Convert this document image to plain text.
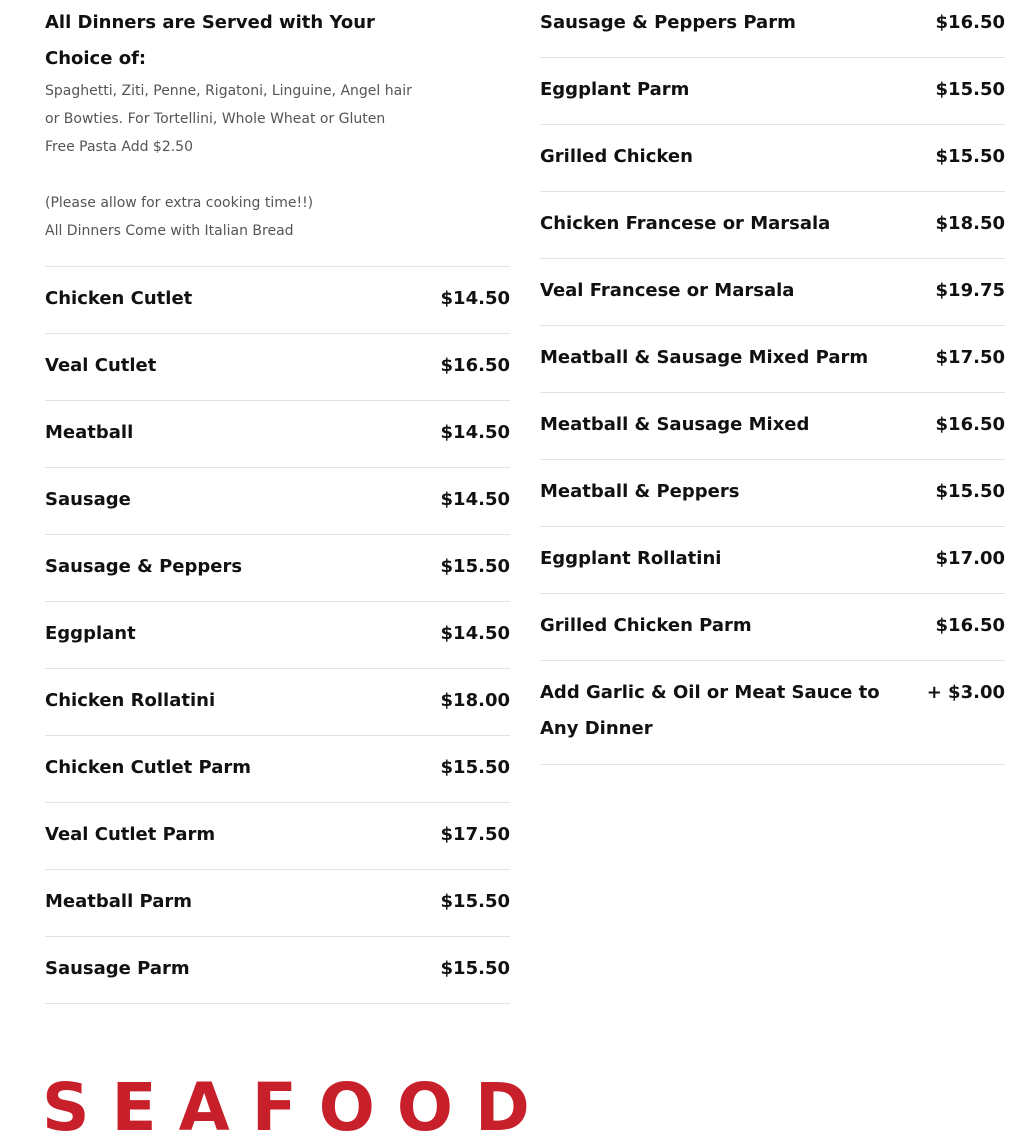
All Dinners are Served with Your Choice of:

Spaghetti, Ziti, Penne, Rigatoni, Linguine, Angel hair or Bowties. For Tortellini, Whole Wheat or Gluten Free Pasta Add $2.50

(Please allow for extra cooking time!!)

All Dinners Come with Italian Bread

Chicken Cutlet	$14.50
Veal Cutlet	$16.50
Meatball	$14.50
Sausage	$14.50
Sausage & Peppers	$15.50
Eggplant	$14.50
Chicken Rollatini	$18.00
Chicken Cutlet Parm	$15.50
Veal Cutlet Parm	$17.50
Meatball Parm	$15.50
Sausage Parm	$15.50
Sausage & Peppers Parm	$16.50
Eggplant Parm	$15.50
Grilled Chicken	$15.50
Chicken Francese or Marsala	$18.50
Veal Francese or Marsala	$19.75
Meatball & Sausage Mixed Parm	$17.50
Meatball & Sausage Mixed	$16.50
Meatball & Peppers	$15.50
Eggplant Rollatini	$17.00
Grilled Chicken Parm	$16.50
Add Garlic & Oil or Meat Sauce to Any Dinner
+ $3.00
SEAFOOD
